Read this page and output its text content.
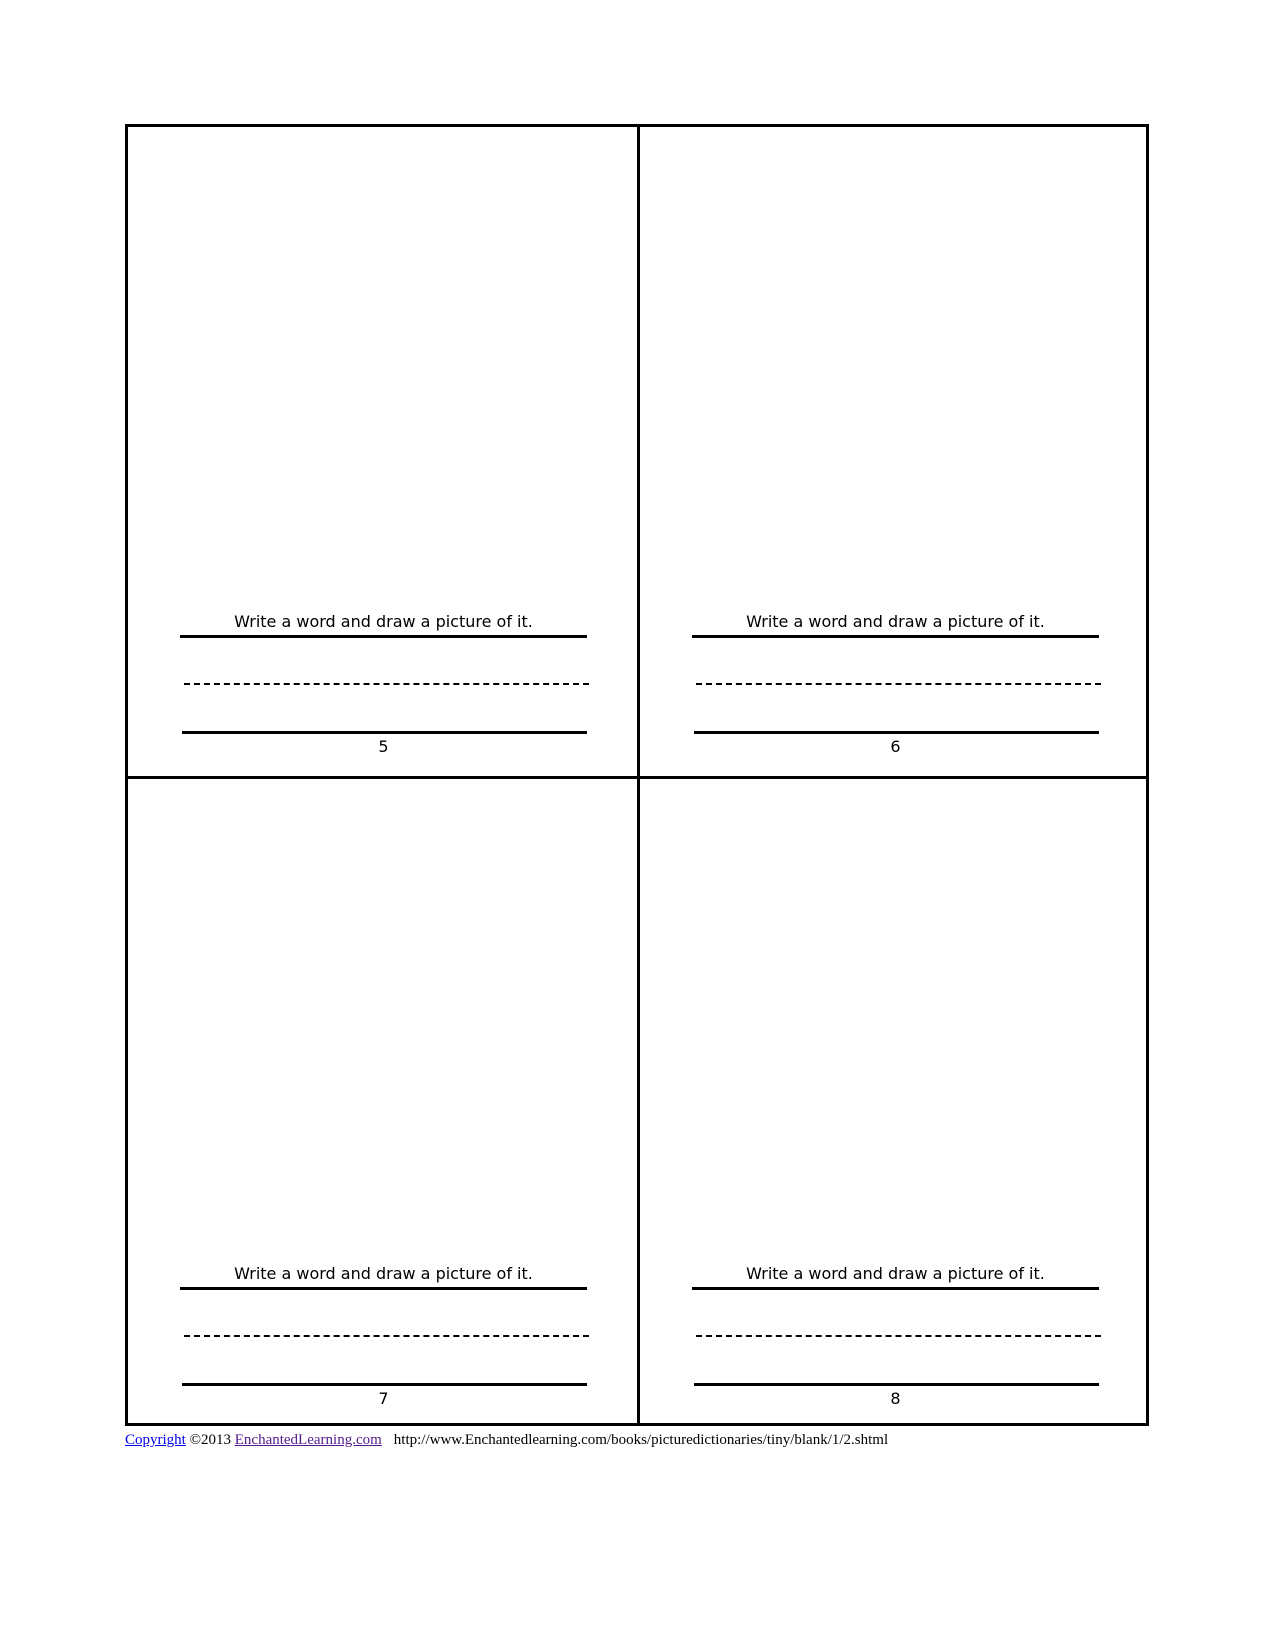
Write a word and draw a picture of it.
5
Write a word and draw a picture of it.
6
Write a word and draw a picture of it.
7
Write a word and draw a picture of it.
8
Copyright ©2013 EnchantedLearning.com http://www.Enchantedlearning.com/books/picturedictionaries/tiny/blank/1/2.shtml
